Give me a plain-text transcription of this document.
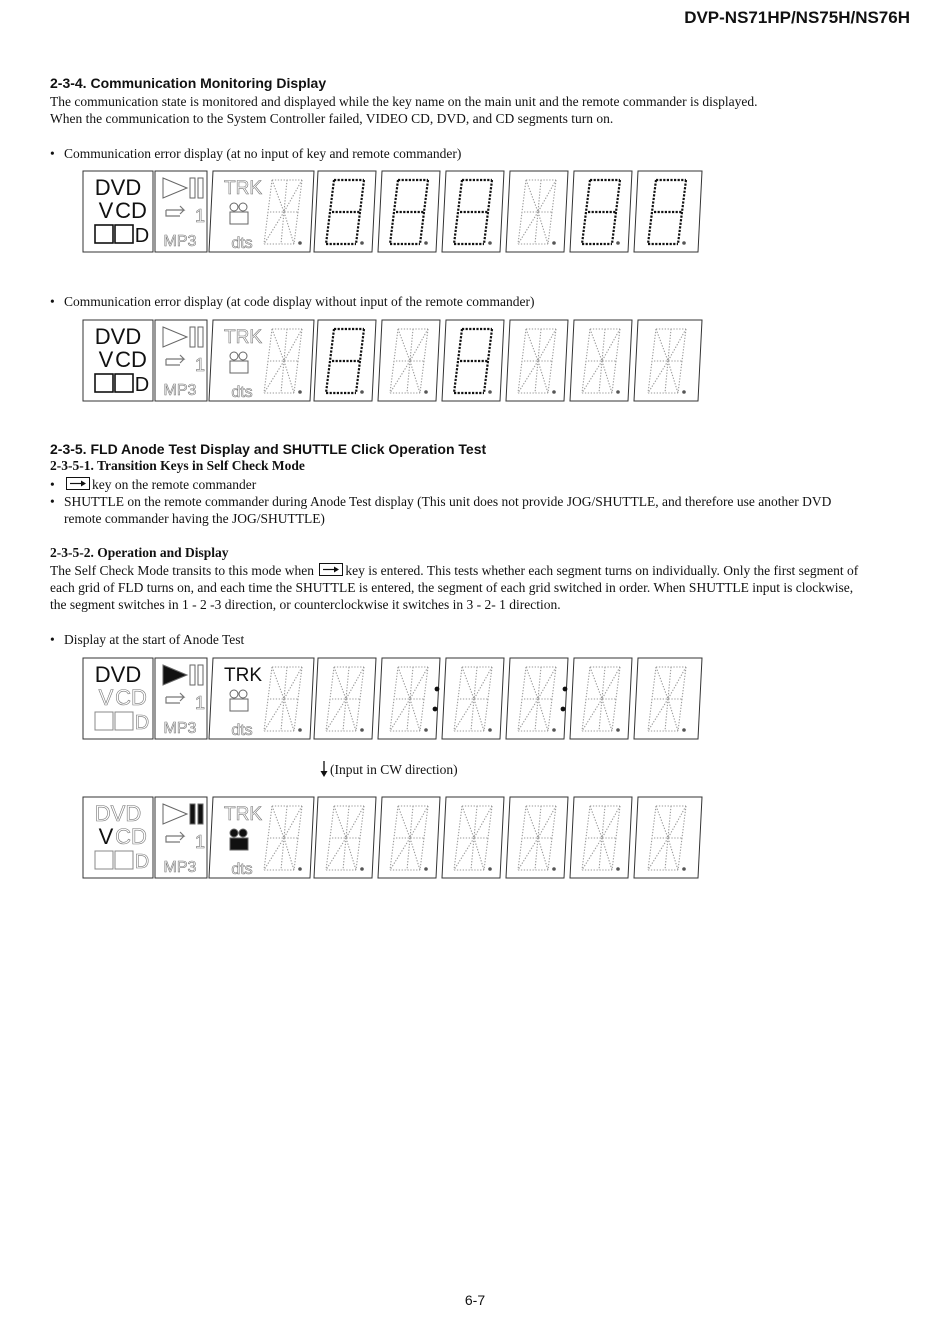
DVP-NS71HP/NS75H/NS76H
2-3-4. Communication Monitoring Display
The communication state is monitored and displayed while the key name on the main unit and the remote commander is displayed.
When the communication to the System Controller failed, VIDEO CD, DVD, and CD segments turn on.
• Communication error display (at no input of key and remote commander)
DVD
V CD
D
1
MP3
TRK
dts
• Communication error display (at code display without input of the remote commander)
DVD
V CD
D
1
MP3
TRK
dts
2-3-5. FLD Anode Test Display and SHUTTLE Click Operation Test
2-3-5-1. Transition Keys in Self Check Mode
• key on the remote commander
• SHUTTLE on the remote commander during Anode Test display (This unit does not provide JOG/SHUTTLE, and therefore use another DVD remote commander having the JOG/SHUTTLE)
2-3-5-2. Operation and Display
The Self Check Mode transits to this mode when key is entered. This tests whether each segment turns on individually. Only the first segment of each grid of FLD turns on, and each time the SHUTTLE is entered, the segment of each grid switched in order. When SHUTTLE input is clockwise, the segment switches in 1 - 2 -3 direction, or counterclockwise it switches in 3 - 2- 1 direction.
• Display at the start of Anode Test
DVD
V CD
D
1
MP3
TRK
dts
(Input in CW direction)
DVD
V CD
D
1
MP3
TRK
dts
6-7
